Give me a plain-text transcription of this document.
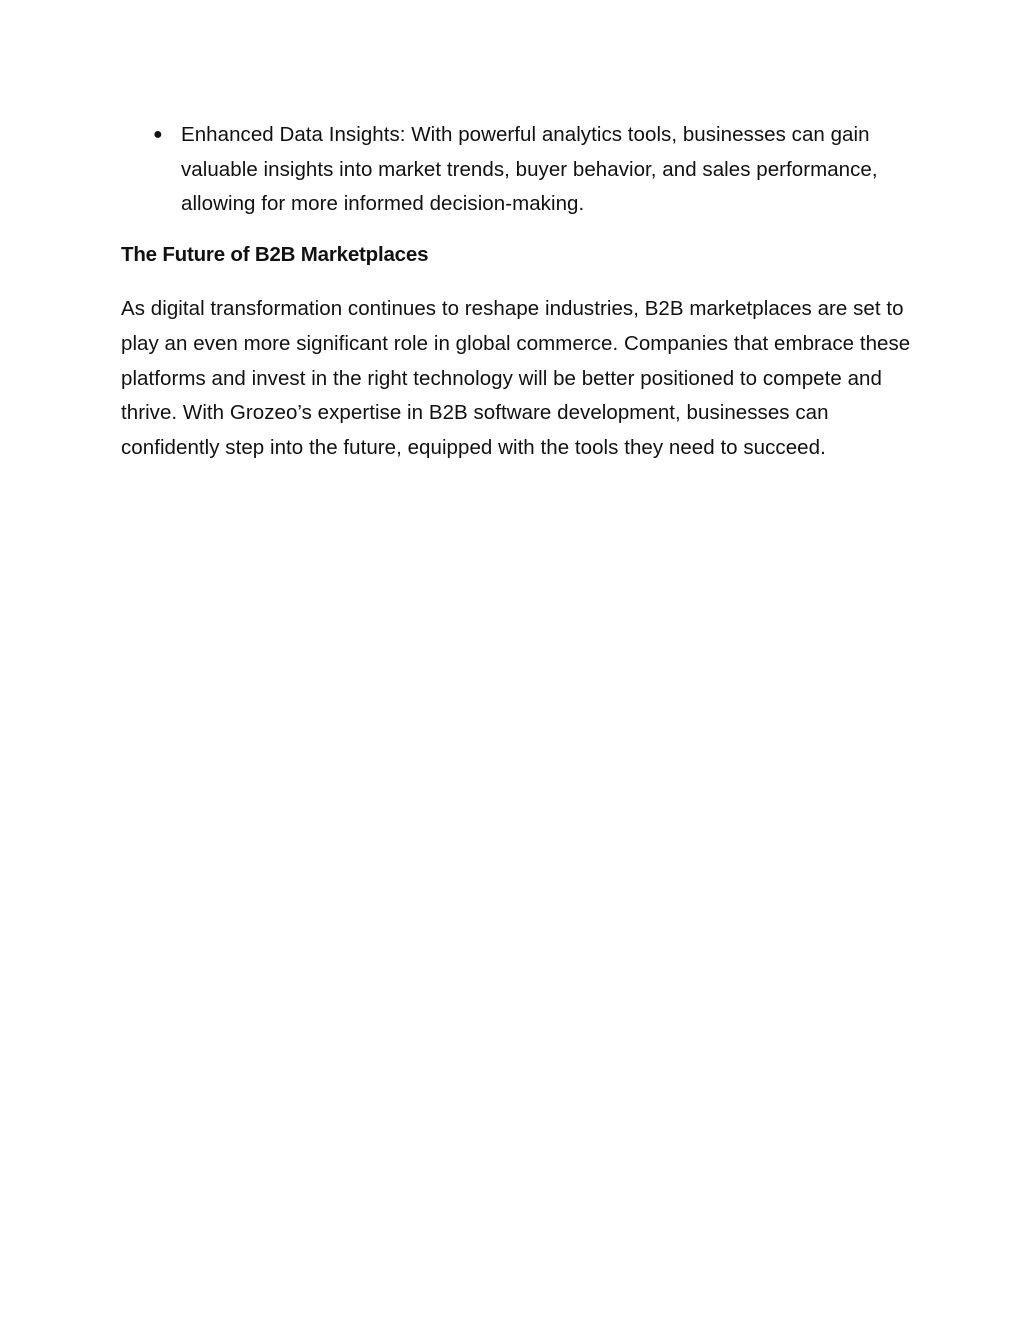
● Enhanced Data Insights: With powerful analytics tools, businesses can gain valuable insights into market trends, buyer behavior, and sales performance, allowing for more informed decision-making.
The Future of B2B Marketplaces

As digital transformation continues to reshape industries, B2B marketplaces are set to play an even more significant role in global commerce. Companies that embrace these platforms and invest in the right technology will be better positioned to compete and thrive. With Grozeo’s expertise in B2B software development, businesses can confidently step into the future, equipped with the tools they need to succeed.
